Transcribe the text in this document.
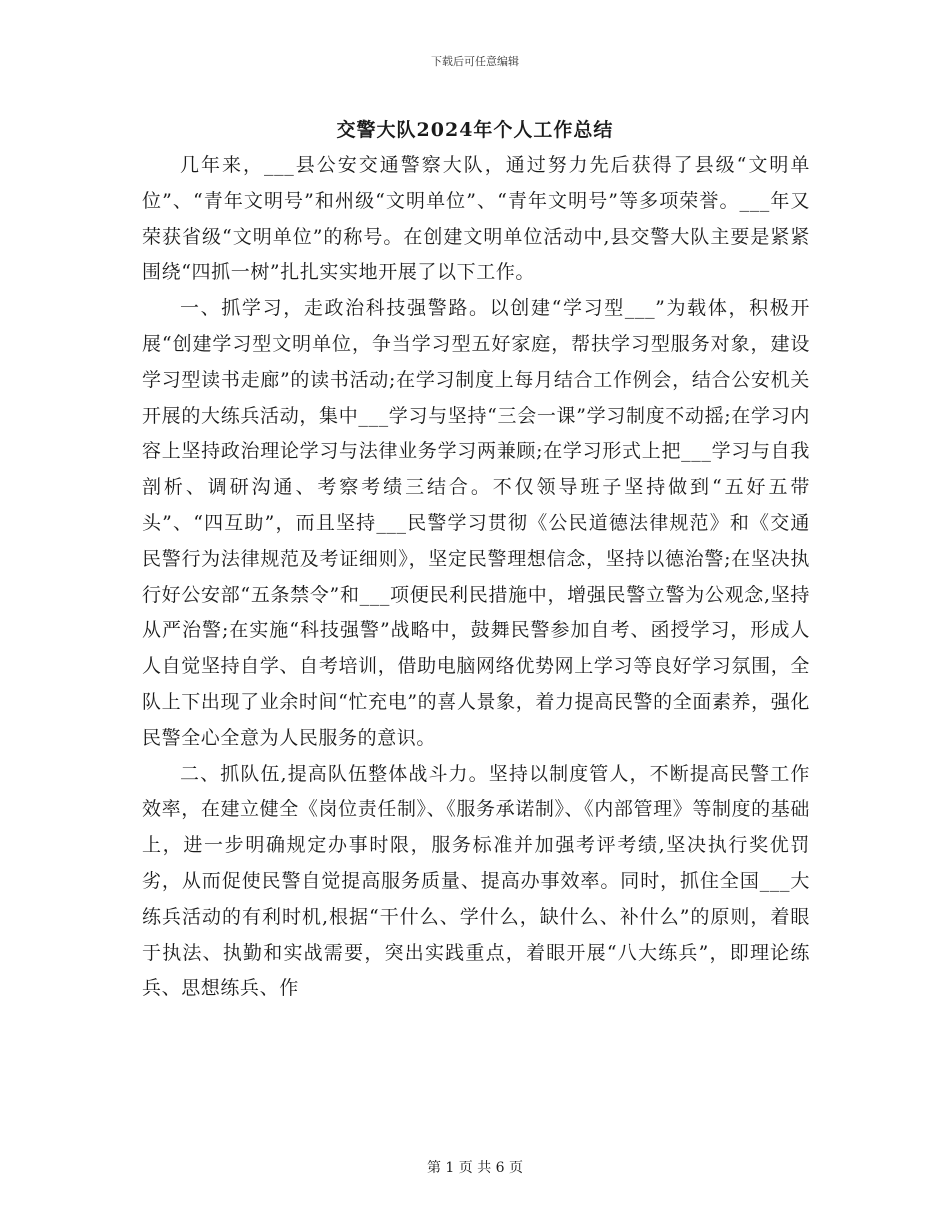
下载后可任意编辑
交警大队2024年个人工作总结

几年来，___县公安交通警察大队，通过努力先后获得了县级“文明单位”、“青年文明号”和州级“文明单位”、“青年文明号”等多项荣誉。___年又荣获省级“文明单位”的称号。在创建文明单位活动中,县交警大队主要是紧紧围绕“四抓一树”扎扎实实地开展了以下工作。

一、抓学习，走政治科技强警路。以创建“学习型___”为载体，积极开展“创建学习型文明单位，争当学习型五好家庭，帮扶学习型服务对象，建设学习型读书走廊”的读书活动;在学习制度上每月结合工作例会，结合公安机关开展的大练兵活动，集中___学习与坚持“三会一课”学习制度不动摇;在学习内容上坚持政治理论学习与法律业务学习两兼顾;在学习形式上把___学习与自我剖析、调研沟通、考察考绩三结合。不仅领导班子坚持做到“五好五带头”、“四互助”，而且坚持___民警学习贯彻《公民道德法律规范》和《交通民警行为法律规范及考证细则》，坚定民警理想信念，坚持以德治警;在坚决执行好公安部“五条禁令”和___项便民利民措施中，增强民警立警为公观念,坚持从严治警;在实施“科技强警”战略中，鼓舞民警参加自考、函授学习，形成人人自觉坚持自学、自考培训，借助电脑网络优势网上学习等良好学习氛围，全队上下出现了业余时间“忙充电”的喜人景象，着力提高民警的全面素养，强化民警全心全意为人民服务的意识。

二、抓队伍,提高队伍整体战斗力。坚持以制度管人，不断提高民警工作效率，在建立健全《岗位责任制》、《服务承诺制》、《内部管理》等制度的基础上，进一步明确规定办事时限，服务标准并加强考评考绩,坚决执行奖优罚劣，从而促使民警自觉提高服务质量、提高办事效率。同时，抓住全国___大练兵活动的有利时机,根据“干什么、学什么，缺什么、补什么”的原则，着眼于执法、执勤和实战需要，突出实践重点，着眼开展“八大练兵”，即理论练兵、思想练兵、作

第 1 页 共 6 页
